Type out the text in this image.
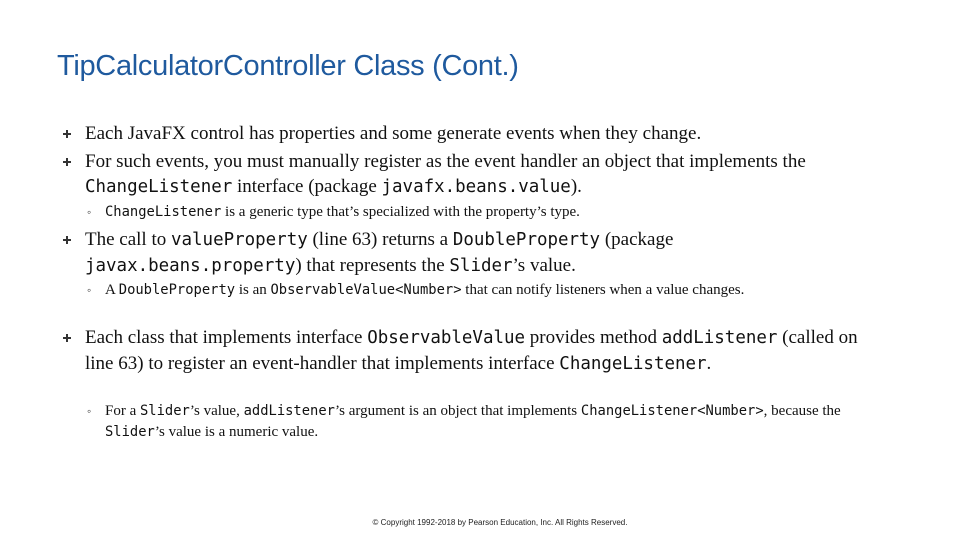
TipCalculatorController Class (Cont.)
Each JavaFX control has properties and some generate events when they change.
For such events, you must manually register as the event handler an object that implements the ChangeListener interface (package javafx.beans.value).
◦ ChangeListener is a generic type that’s specialized with the property’s type.
The call to valueProperty (line 63) returns a DoubleProperty (package javax.beans.property) that represents the Slider’s value.
◦ A DoubleProperty is an ObservableValue<Number> that can notify listeners when a value changes.
Each class that implements interface ObservableValue provides method addListener (called on line 63) to register an event-handler that implements interface ChangeListener.
◦ For a Slider’s value, addListener’s argument is an object that implements ChangeListener<Number>, because the Slider’s value is a numeric value.
© Copyright 1992-2018 by Pearson Education, Inc. All Rights Reserved.
